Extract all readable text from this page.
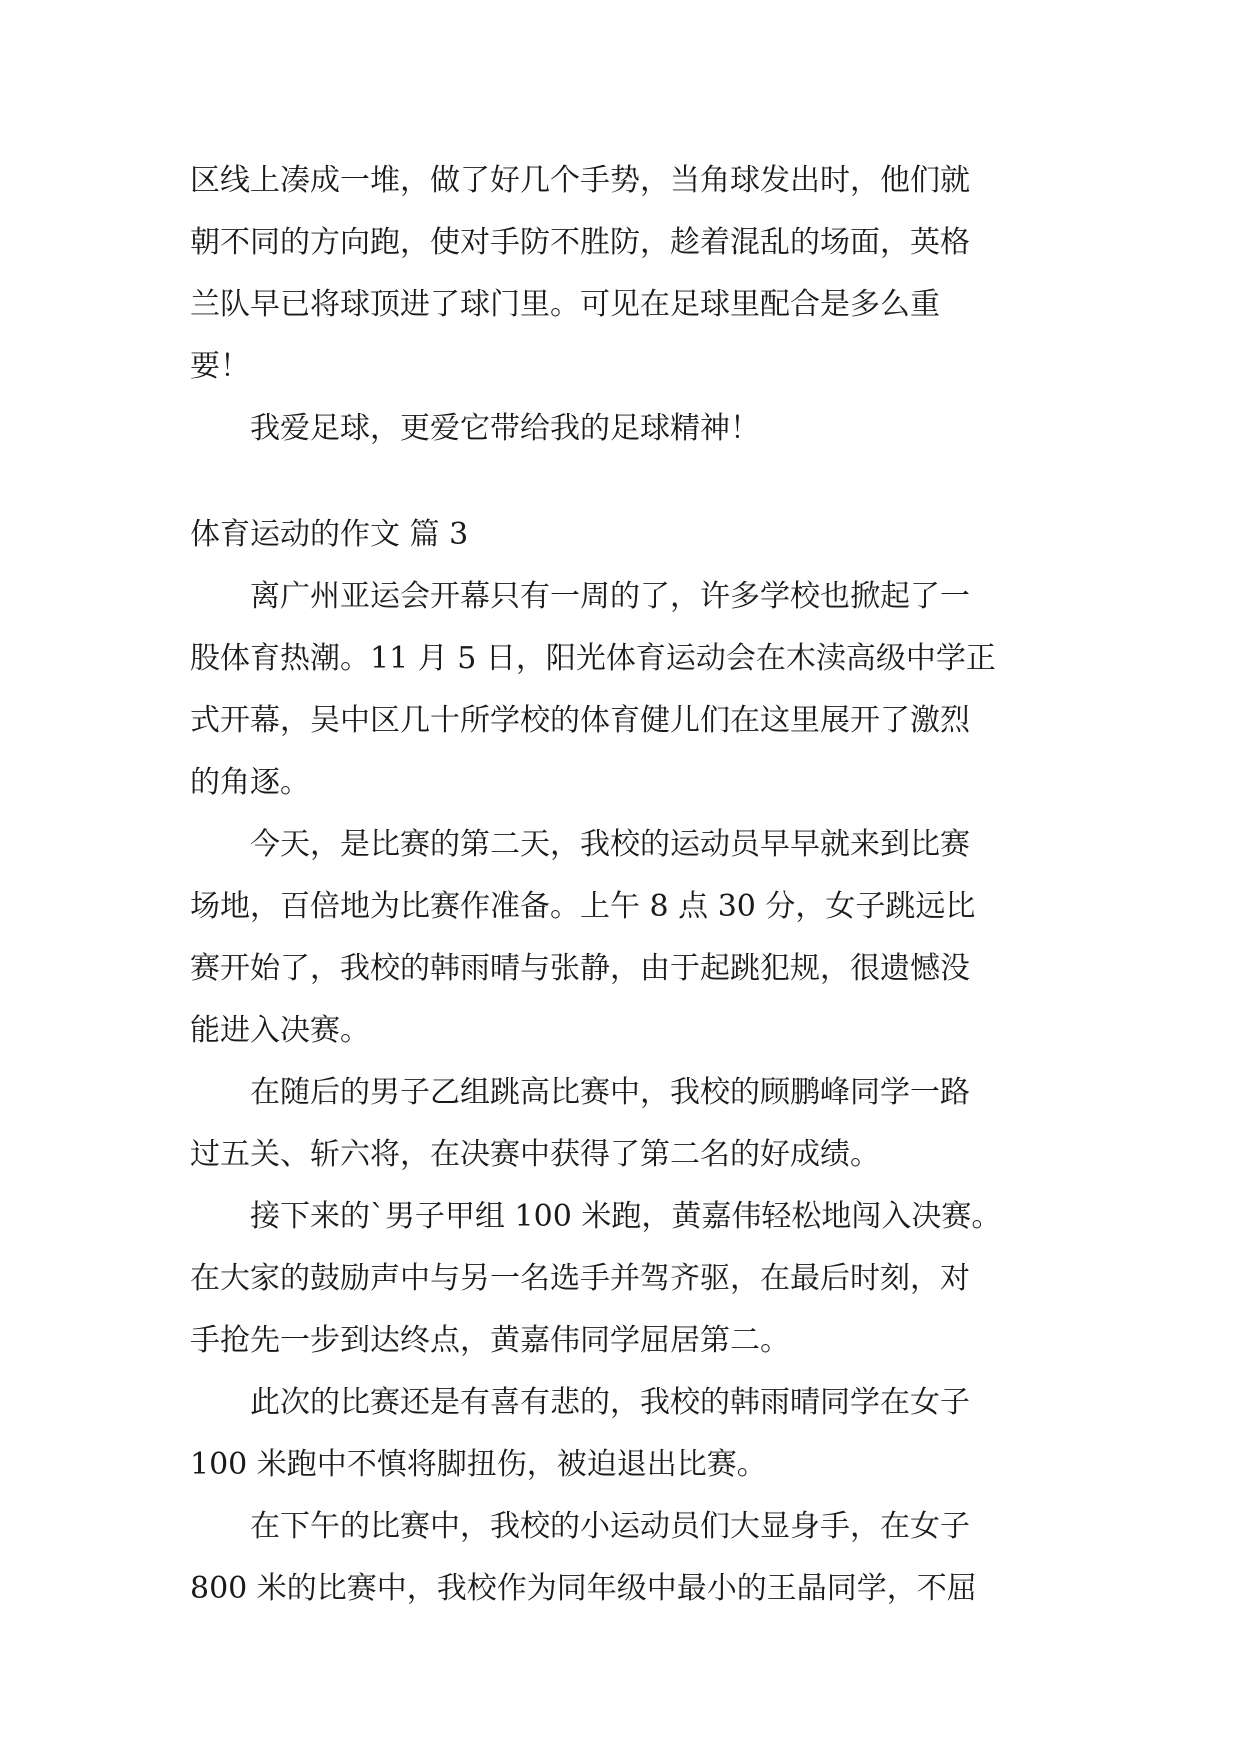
区线上凑成一堆，做了好几个手势，当角球发出时，他们就
朝不同的方向跑，使对手防不胜防，趁着混乱的场面，英格
兰队早已将球顶进了球门里。可见在足球里配合是多么重
要！
我爱足球，更爱它带给我的足球精神！
体育运动的作文 篇 3
离广州亚运会开幕只有一周的了，许多学校也掀起了一
股体育热潮。11 月 5 日，阳光体育运动会在木渎高级中学正
式开幕，吴中区几十所学校的体育健儿们在这里展开了激烈
的角逐。
今天，是比赛的第二天，我校的运动员早早就来到比赛
场地，百倍地为比赛作准备。上午 8 点 30 分，女子跳远比
赛开始了，我校的韩雨晴与张静，由于起跳犯规，很遗憾没
能进入决赛。
在随后的男子乙组跳高比赛中，我校的顾鹏峰同学一路
过五关、斩六将，在决赛中获得了第二名的好成绩。
接下来的`男子甲组 100 米跑，黄嘉伟轻松地闯入决赛。
在大家的鼓励声中与另一名选手并驾齐驱，在最后时刻，对
手抢先一步到达终点，黄嘉伟同学屈居第二。
此次的比赛还是有喜有悲的，我校的韩雨晴同学在女子
100 米跑中不慎将脚扭伤，被迫退出比赛。
在下午的比赛中，我校的小运动员们大显身手，在女子
800 米的比赛中，我校作为同年级中最小的王晶同学，不屈
